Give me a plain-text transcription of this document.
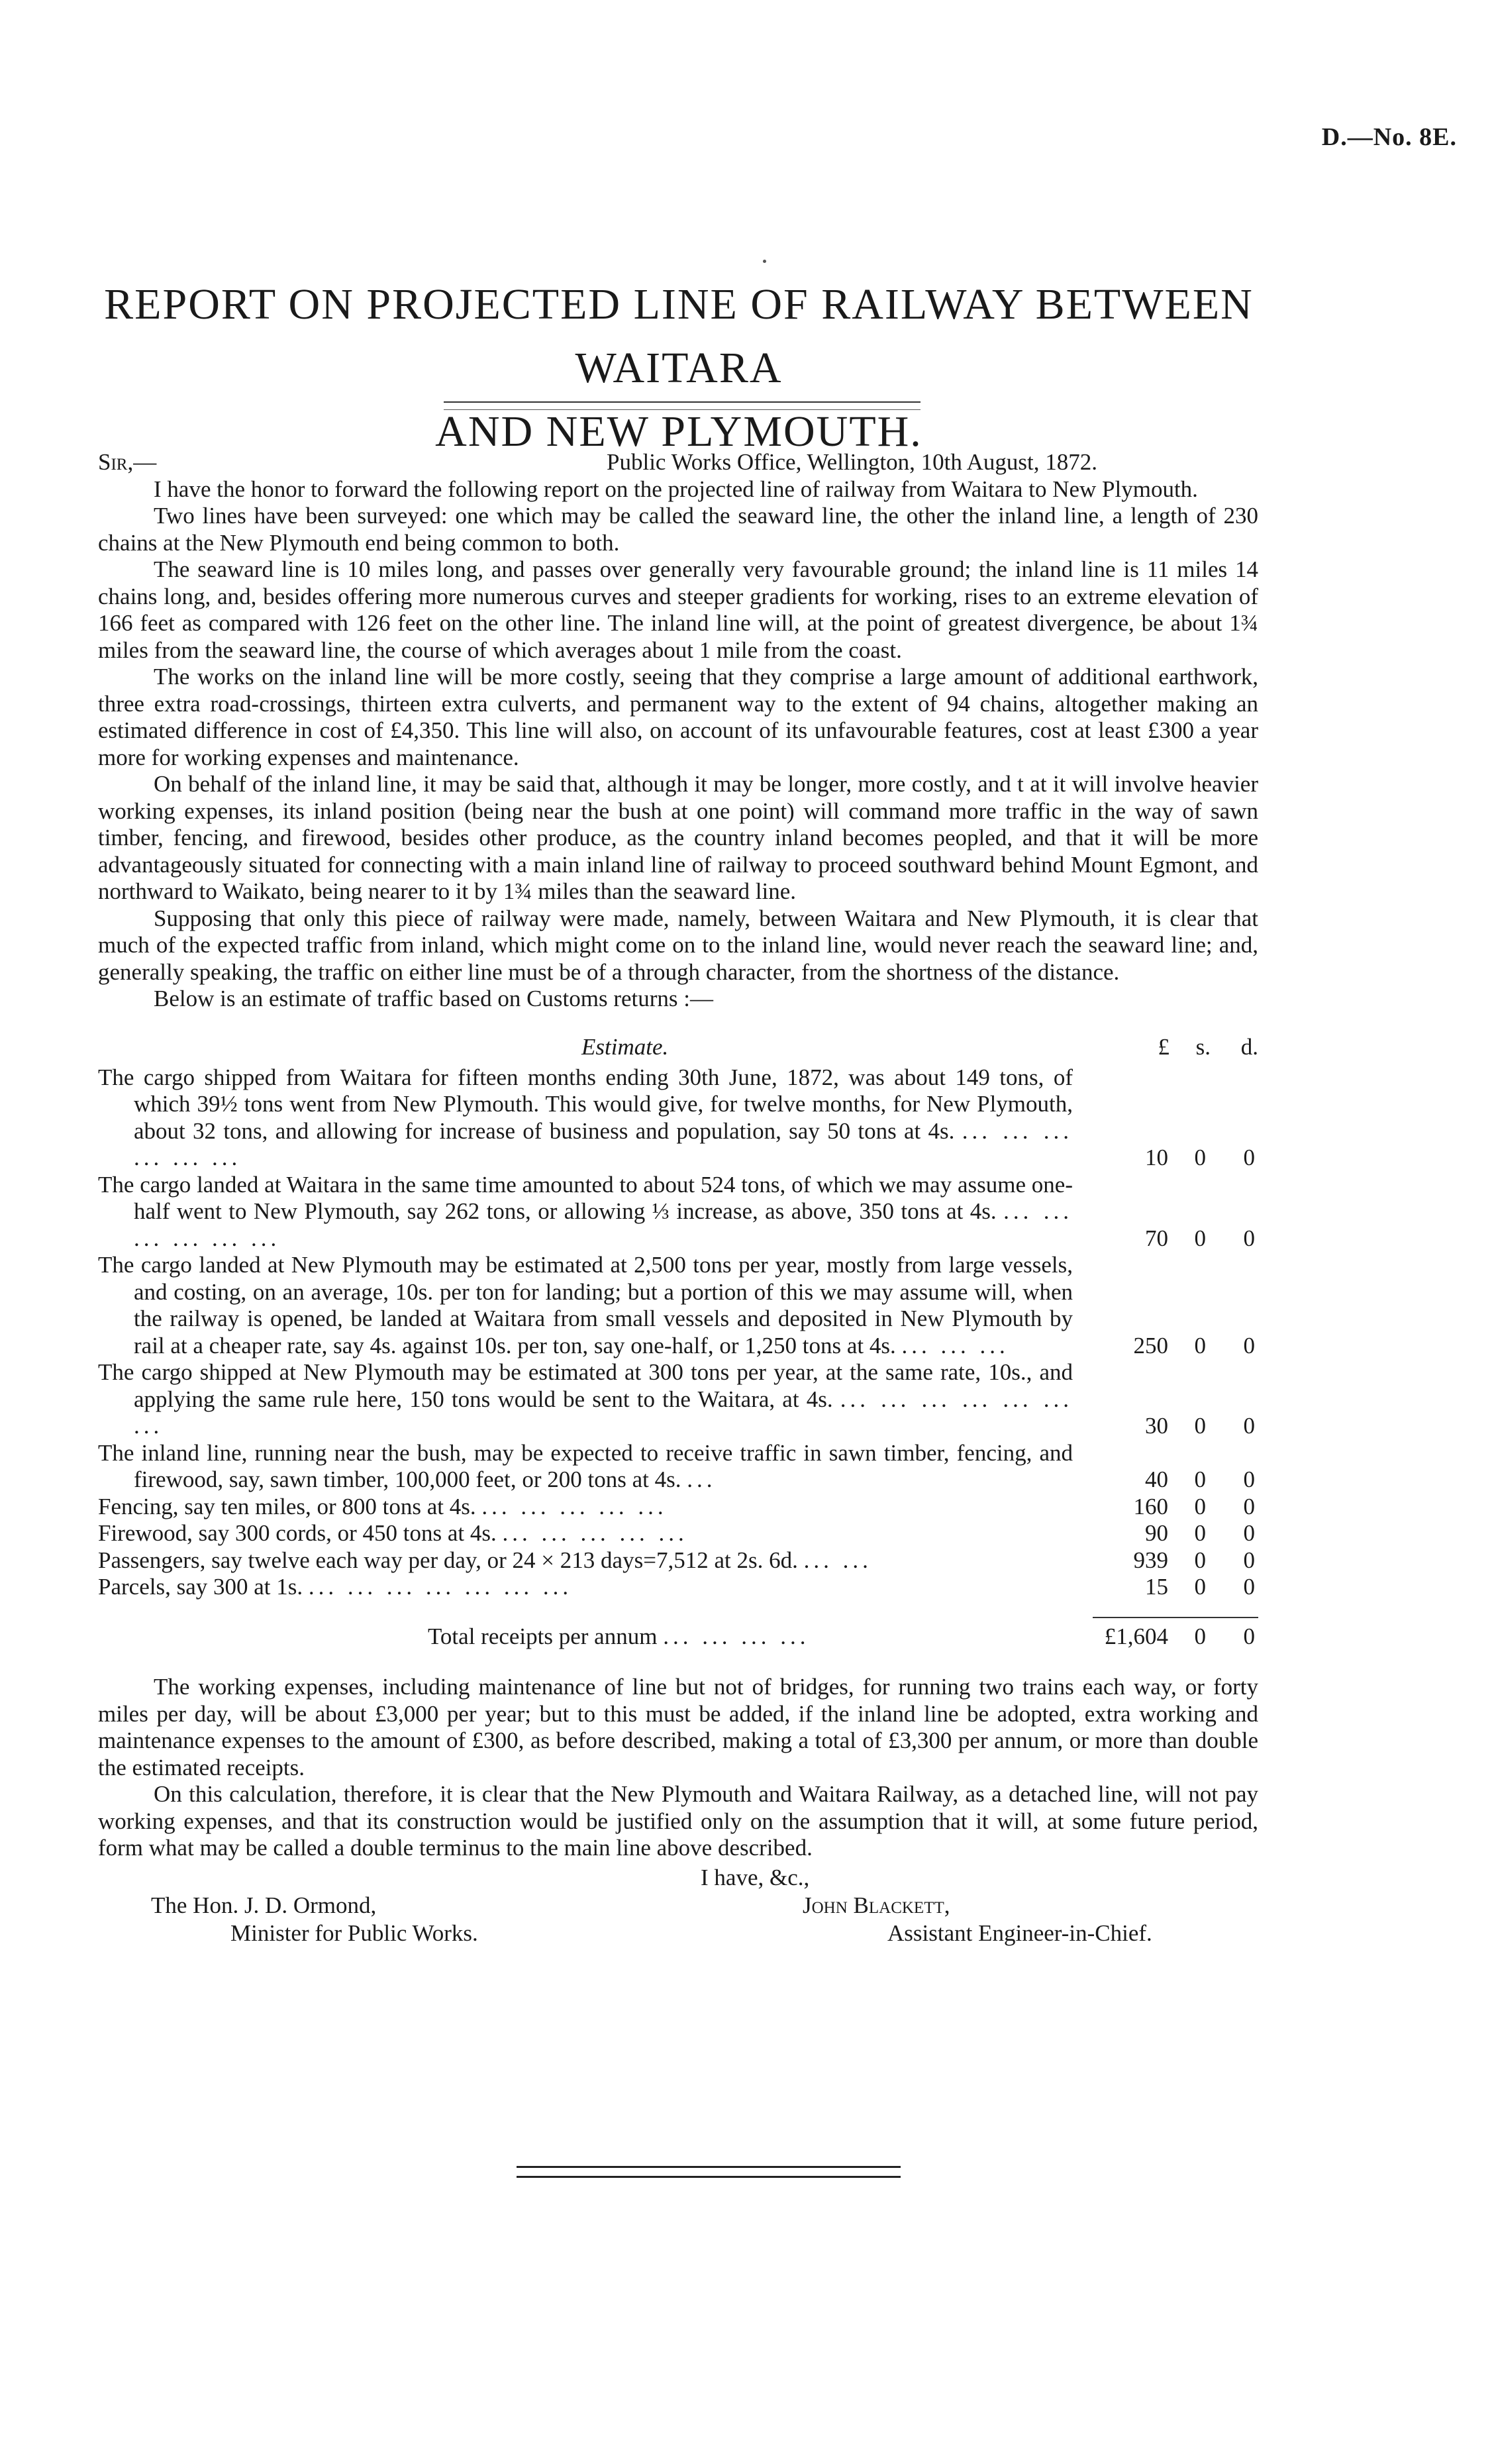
D.—No. 8E.
REPORT ON PROJECTED LINE OF RAILWAY BETWEEN WAITARA
AND NEW PLYMOUTH.
Sir,—	Public Works Office, Wellington, 10th August, 1872.

I have the honor to forward the following report on the projected line of railway from Waitara to New Plymouth.

Two lines have been surveyed: one which may be called the seaward line, the other the inland line, a length of 230 chains at the New Plymouth end being common to both.

The seaward line is 10 miles long, and passes over generally very favourable ground; the inland line is 11 miles 14 chains long, and, besides offering more numerous curves and steeper gradients for working, rises to an extreme elevation of 166 feet as compared with 126 feet on the other line. The inland line will, at the point of greatest divergence, be about 1¾ miles from the seaward line, the course of which averages about 1 mile from the coast.

The works on the inland line will be more costly, seeing that they comprise a large amount of additional earthwork, three extra road-crossings, thirteen extra culverts, and permanent way to the extent of 94 chains, altogether making an estimated difference in cost of £4,350. This line will also, on account of its unfavourable features, cost at least £300 a year more for working expenses and maintenance.

On behalf of the inland line, it may be said that, although it may be longer, more costly, and t at it will involve heavier working expenses, its inland position (being near the bush at one point) will command more traffic in the way of sawn timber, fencing, and firewood, besides other produce, as the country inland becomes peopled, and that it will be more advantageously situated for connecting with a main inland line of railway to proceed southward behind Mount Egmont, and northward to Waikato, being nearer to it by 1¾ miles than the seaward line.

Supposing that only this piece of railway were made, namely, between Waitara and New Plymouth, it is clear that much of the expected traffic from inland, which might come on to the inland line, would never reach the seaward line; and, generally speaking, the traffic on either line must be of a through character, from the shortness of the distance.

Below is an estimate of traffic based on Customs returns :—

Estimate.	£ s. d.
The cargo shipped from Waitara for fifteen months ending 30th June, 1872, was about 149 tons, of which 39½ tons went from New Plymouth. This would give, for twelve months, for New Plymouth, about 32 tons, and allowing for increase of business and population, say 50 tons at 4s. ... ... ... ... ... ...	10 0 0
The cargo landed at Waitara in the same time amounted to about 524 tons, of which we may assume one-half went to New Plymouth, say 262 tons, or allowing ⅓ increase, as above, 350 tons at 4s. ... ... ... ... ... ...	70 0 0
The cargo landed at New Plymouth may be estimated at 2,500 tons per year, mostly from large vessels, and costing, on an average, 10s. per ton for landing; but a portion of this we may assume will, when the railway is opened, be landed at Waitara from small vessels and deposited in New Plymouth by rail at a cheaper rate, say 4s. against 10s. per ton, say one-half, or 1,250 tons at 4s. ... ... ...	250 0 0
The cargo shipped at New Plymouth may be estimated at 300 tons per year, at the same rate, 10s., and applying the same rule here, 150 tons would be sent to the Waitara, at 4s. ... ... ... ... ... ... ...	30 0 0
The inland line, running near the bush, may be expected to receive traffic in sawn timber, fencing, and firewood, say, sawn timber, 100,000 feet, or 200 tons at 4s. ...	40 0 0
Fencing, say ten miles, or 800 tons at 4s. ... ... ... ... ...	160 0 0
Firewood, say 300 cords, or 450 tons at 4s. ... ... ... ... ...	90 0 0
Passengers, say twelve each way per day, or 24 × 213 days=7,512 at 2s. 6d. ... ...	939 0 0
Parcels, say 300 at 1s. ... ... ... ... ... ... ...	15 0 0
Total receipts per annum ... ... ... ...	£1,604 0 0

The working expenses, including maintenance of line but not of bridges, for running two trains each way, or forty miles per day, will be about £3,000 per year; but to this must be added, if the inland line be adopted, extra working and maintenance expenses to the amount of £300, as before described, making a total of £3,300 per annum, or more than double the estimated receipts.

On this calculation, therefore, it is clear that the New Plymouth and Waitara Railway, as a detached line, will not pay working expenses, and that its construction would be justified only on the assumption that it will, at some future period, form what may be called a double terminus to the main line above described.

I have, &c.,
The Hon. J. D. Ormond,	John Blackett,
Minister for Public Works.	Assistant Engineer-in-Chief.
